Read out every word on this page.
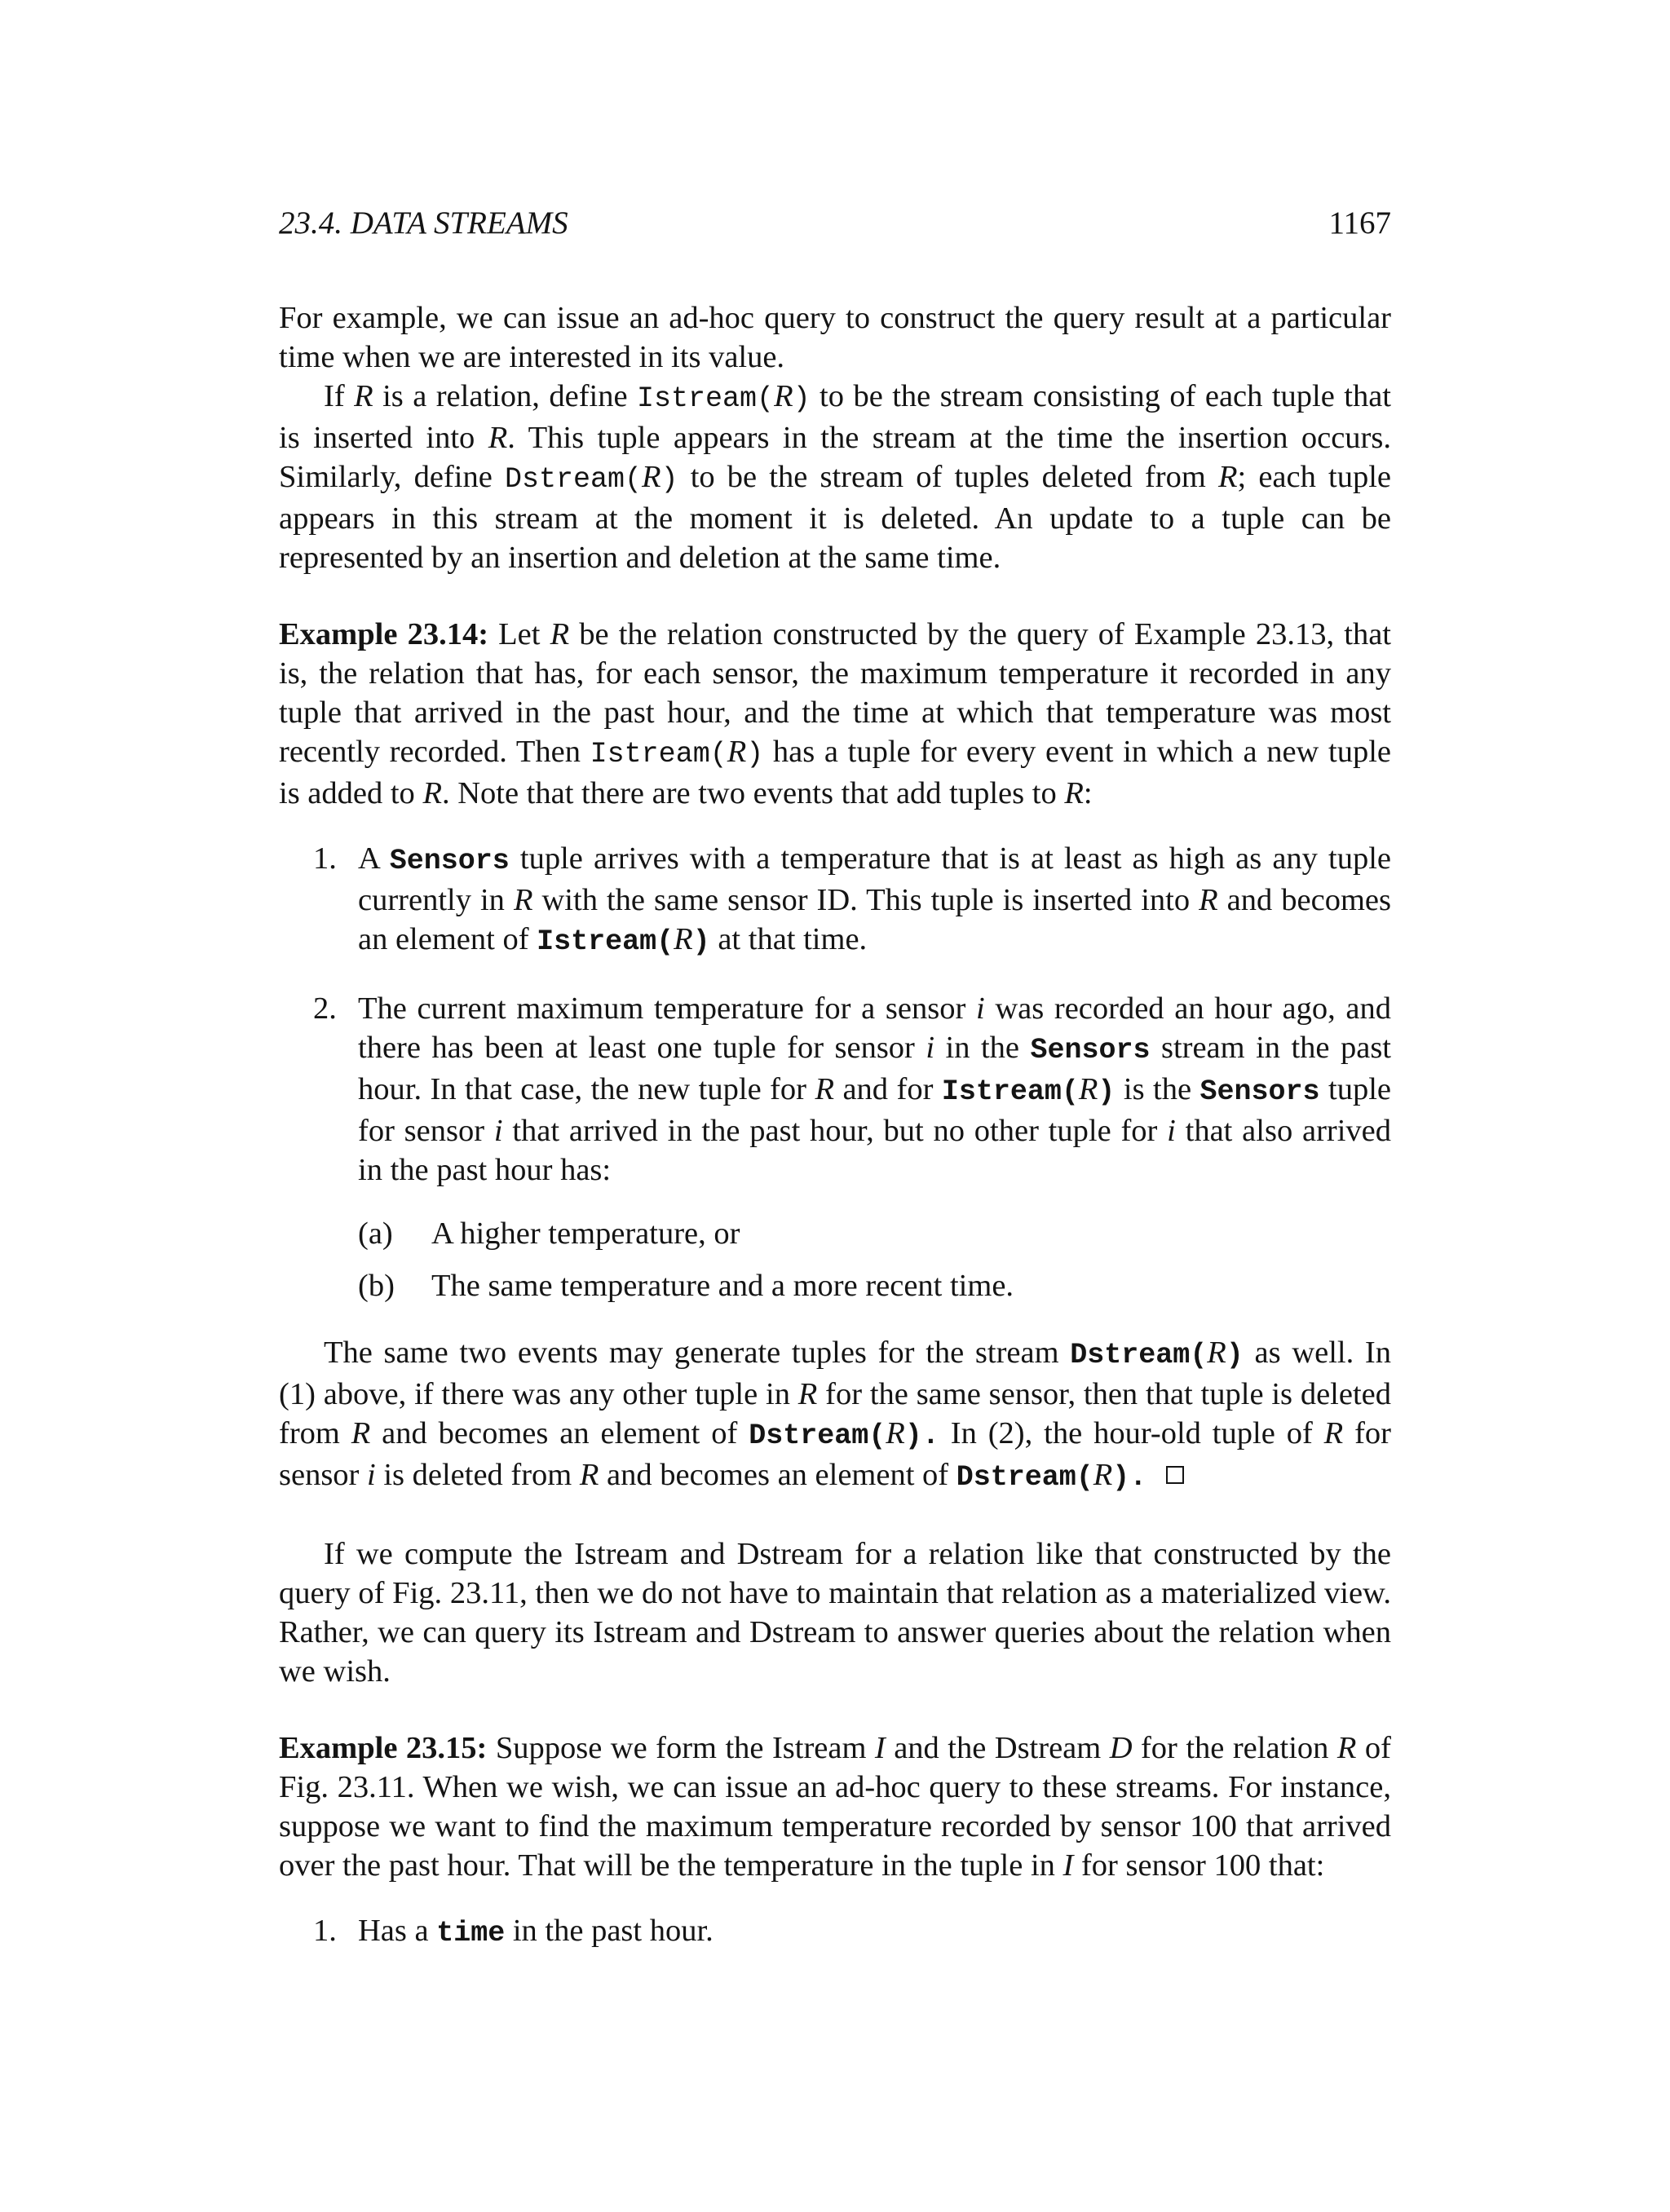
23.4. DATA STREAMS	1167

For example, we can issue an ad-hoc query to construct the query result at a particular time when we are interested in its value.

If R is a relation, define Istream(R) to be the stream consisting of each tuple that is inserted into R. This tuple appears in the stream at the time the insertion occurs. Similarly, define Dstream(R) to be the stream of tuples deleted from R; each tuple appears in this stream at the moment it is deleted. An update to a tuple can be represented by an insertion and deletion at the same time.

Example 23.14: Let R be the relation constructed by the query of Example 23.13, that is, the relation that has, for each sensor, the maximum temperature it recorded in any tuple that arrived in the past hour, and the time at which that temperature was most recently recorded. Then Istream(R) has a tuple for every event in which a new tuple is added to R. Note that there are two events that add tuples to R:

1. A Sensors tuple arrives with a temperature that is at least as high as any tuple currently in R with the same sensor ID. This tuple is inserted into R and becomes an element of Istream(R) at that time.
2. The current maximum temperature for a sensor i was recorded an hour ago, and there has been at least one tuple for sensor i in the Sensors stream in the past hour. In that case, the new tuple for R and for Istream(R) is the Sensors tuple for sensor i that arrived in the past hour, but no other tuple for i that also arrived in the past hour has:
(a) A higher temperature, or
(b) The same temperature and a more recent time.

The same two events may generate tuples for the stream Dstream(R) as well. In (1) above, if there was any other tuple in R for the same sensor, then that tuple is deleted from R and becomes an element of Dstream(R). In (2), the hour-old tuple of R for sensor i is deleted from R and becomes an element of Dstream(R).

If we compute the Istream and Dstream for a relation like that constructed by the query of Fig. 23.11, then we do not have to maintain that relation as a materialized view. Rather, we can query its Istream and Dstream to answer queries about the relation when we wish.

Example 23.15: Suppose we form the Istream I and the Dstream D for the relation R of Fig. 23.11. When we wish, we can issue an ad-hoc query to these streams. For instance, suppose we want to find the maximum temperature recorded by sensor 100 that arrived over the past hour. That will be the temperature in the tuple in I for sensor 100 that:

1. Has a time in the past hour.
